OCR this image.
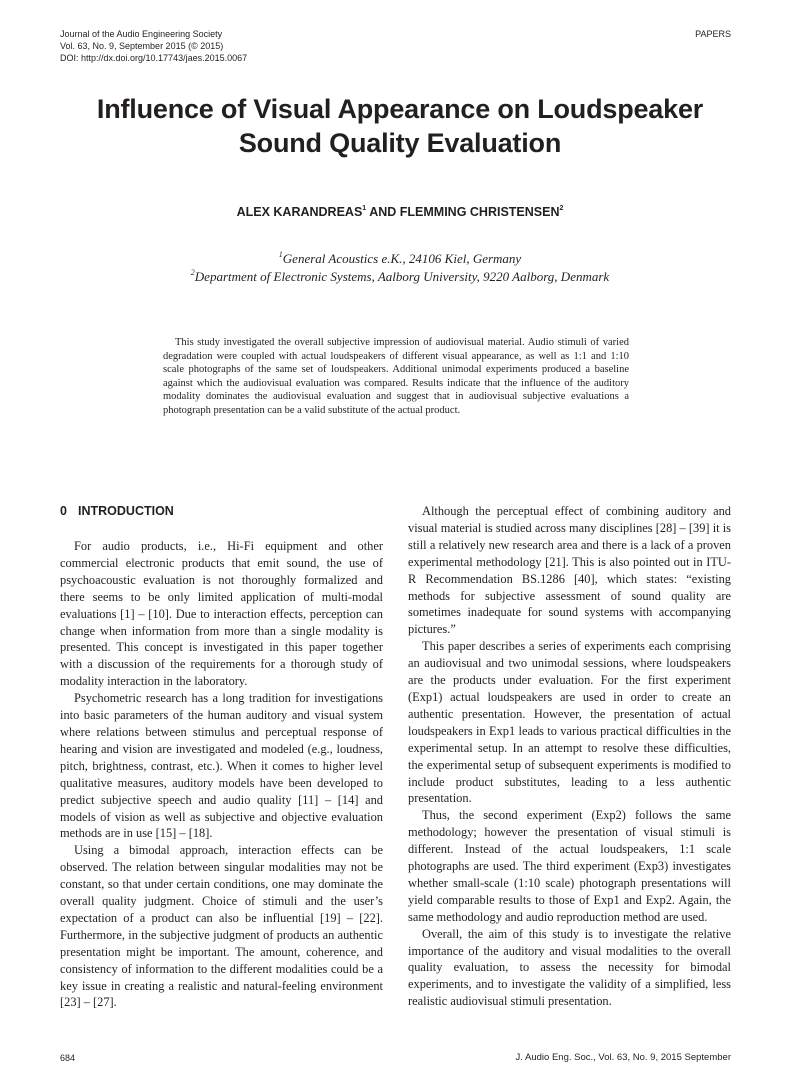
Journal of the Audio Engineering Society
Vol. 63, No. 9, September 2015 (© 2015)
DOI: http://dx.doi.org/10.17743/jaes.2015.0067
PAPERS
Influence of Visual Appearance on Loudspeaker
Sound Quality Evaluation
ALEX KARANDREAS$^1$ AND FLEMMING CHRISTENSEN$^2$
$^1$General Acoustics e.K., 24106 Kiel, Germany
$^2$Department of Electronic Systems, Aalborg University, 9220 Aalborg, Denmark

This study investigated the overall subjective impression of audiovisual material. Audio stimuli of varied degradation were coupled with actual loudspeakers of different visual appearance, as well as 1:1 and 1:10 scale photographs of the same set of loudspeakers. Additional unimodal experiments produced a baseline against which the audiovisual evaluation was compared. Results indicate that the influence of the auditory modality dominates the audiovisual evaluation and suggest that in audiovisual subjective evaluations a photograph presentation can be a valid substitute of the actual product.

0 INTRODUCTION

For audio products, i.e., Hi-Fi equipment and other commercial electronic products that emit sound, the use of psychoacoustic evaluation is not thoroughly formalized and there seems to be only limited application of multi-modal evaluations [1] – [10]. Due to interaction effects, perception can change when information from more than a single modality is presented. This concept is investigated in this paper together with a discussion of the requirements for a thorough study of modality interaction in the laboratory.

Psychometric research has a long tradition for investigations into basic parameters of the human auditory and visual system where relations between stimulus and perceptual response of hearing and vision are investigated and modeled (e.g., loudness, pitch, brightness, contrast, etc.). When it comes to higher level qualitative measures, auditory models have been developed to predict subjective speech and audio quality [11] – [14] and models of vision as well as subjective and objective evaluation methods are in use [15] – [18].

Using a bimodal approach, interaction effects can be observed. The relation between singular modalities may not be constant, so that under certain conditions, one may dominate the overall quality judgment. Choice of stimuli and the user’s expectation of a product can also be influential [19] – [22]. Furthermore, in the subjective judgment of products an authentic presentation might be important. The amount, coherence, and consistency of information to the different modalities could be a key issue in creating a realistic and natural-feeling environment [23] – [27].

Although the perceptual effect of combining auditory and visual material is studied across many disciplines [28] – [39] it is still a relatively new research area and there is a lack of a proven experimental methodology [21]. This is also pointed out in ITU-R Recommendation BS.1286 [40], which states: “existing methods for subjective assessment of sound quality are sometimes inadequate for sound systems with accompanying pictures.”

This paper describes a series of experiments each comprising an audiovisual and two unimodal sessions, where loudspeakers are the products under evaluation. For the first experiment (Exp1) actual loudspeakers are used in order to create an authentic presentation. However, the presentation of actual loudspeakers in Exp1 leads to various practical difficulties in the experimental setup. In an attempt to resolve these difficulties, the experimental setup of subsequent experiments is modified to include product substitutes, leading to a less authentic presentation.

Thus, the second experiment (Exp2) follows the same methodology; however the presentation of visual stimuli is different. Instead of the actual loudspeakers, 1:1 scale photographs are used. The third experiment (Exp3) investigates whether small-scale (1:10 scale) photograph presentations will yield comparable results to those of Exp1 and Exp2. Again, the same methodology and audio reproduction method are used.

Overall, the aim of this study is to investigate the relative importance of the auditory and visual modalities to the overall quality evaluation, to assess the necessity for bimodal experiments, and to investigate the validity of a simplified, less realistic audiovisual stimuli presentation.

684	J. Audio Eng. Soc., Vol. 63, No. 9, 2015 September
